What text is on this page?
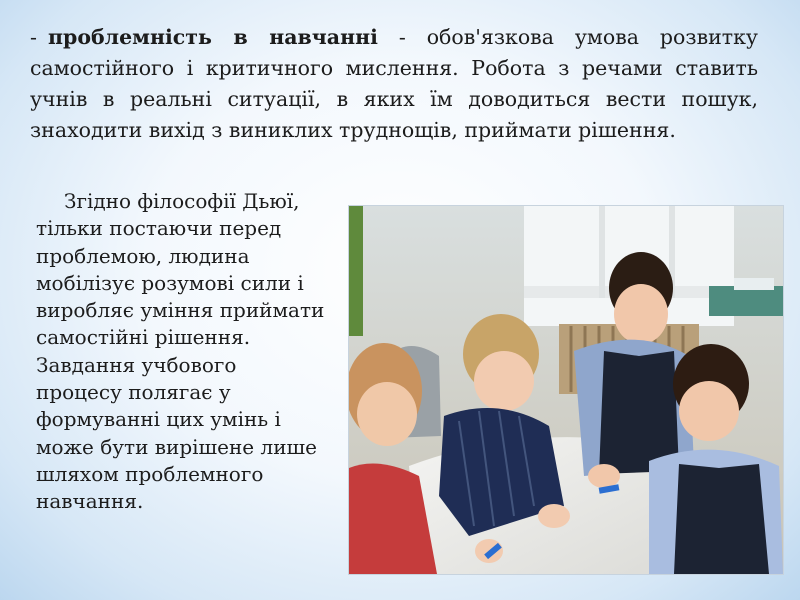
- проблемність в навчанні - обов'язкова умова розвитку самостійного і критичного мислення. Робота з речами ставить учнів в реальні ситуації, в яких їм доводиться вести пошук, знаходити вихід з виниклих труднощів, приймати рішення.

Згідно філософії Дьюї, тільки постаючи перед проблемою, людина мобілізує розумові сили і виробляє уміння приймати самостійні рішення. Завдання учбового процесу полягає у формуванні цих умінь і може бути вирішене лише шляхом проблемного навчання.
